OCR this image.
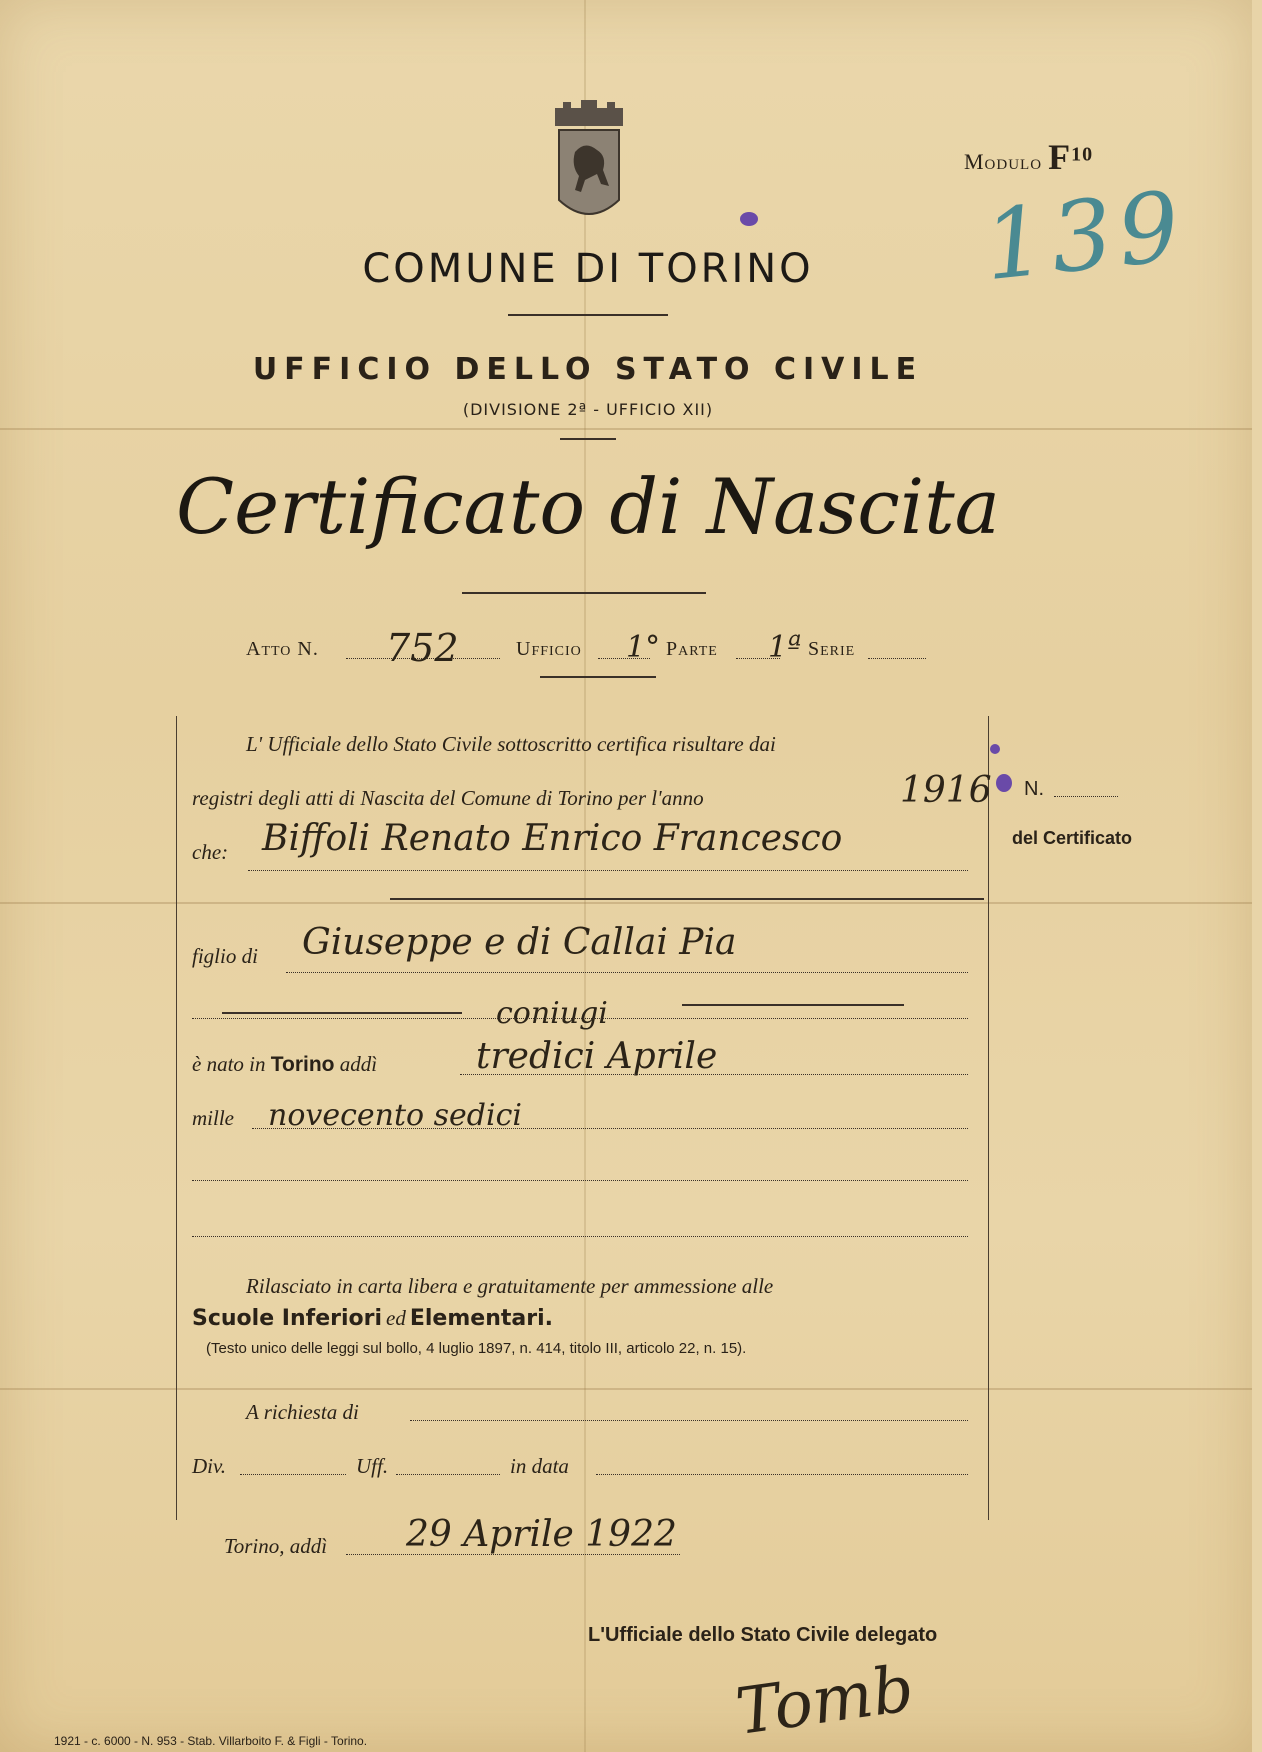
Modulo $F^{10}$
139
COMUNE DI TORINO
UFFICIO DELLO STATO CIVILE
(DIVISIONE 2ª - UFFICIO XII)
Certificato di Nascita
Atto N. 752	Ufficio 1° Parte 1ª Serie
L' Ufficiale dello Stato Civile sottoscritto certifica risultare dai
registri degli atti di Nascita del Comune di Torino per l'anno	1916
che: Biffoli Renato Enrico Francesco
figlio di Giuseppe e di Callai Pia
coniugi
è nato in Torino addì	tredici Aprile
mille novecento sedici
N.
del Certificato
Rilasciato in carta libera e gratuitamente per ammessione alle
Scuole Inferiori ed Elementari.
(Testo unico delle leggi sul bollo, 4 luglio 1897, n. 414, titolo III, articolo 22, n. 15).
A richiesta di
Div.	Uff.	in data
Torino, addì 29 Aprile 1922
L'Ufficiale dello Stato Civile delegato
Tomb
1921 - c. 6000 - N. 953 - Stab. Villarboito F. & Figli - Torino.
